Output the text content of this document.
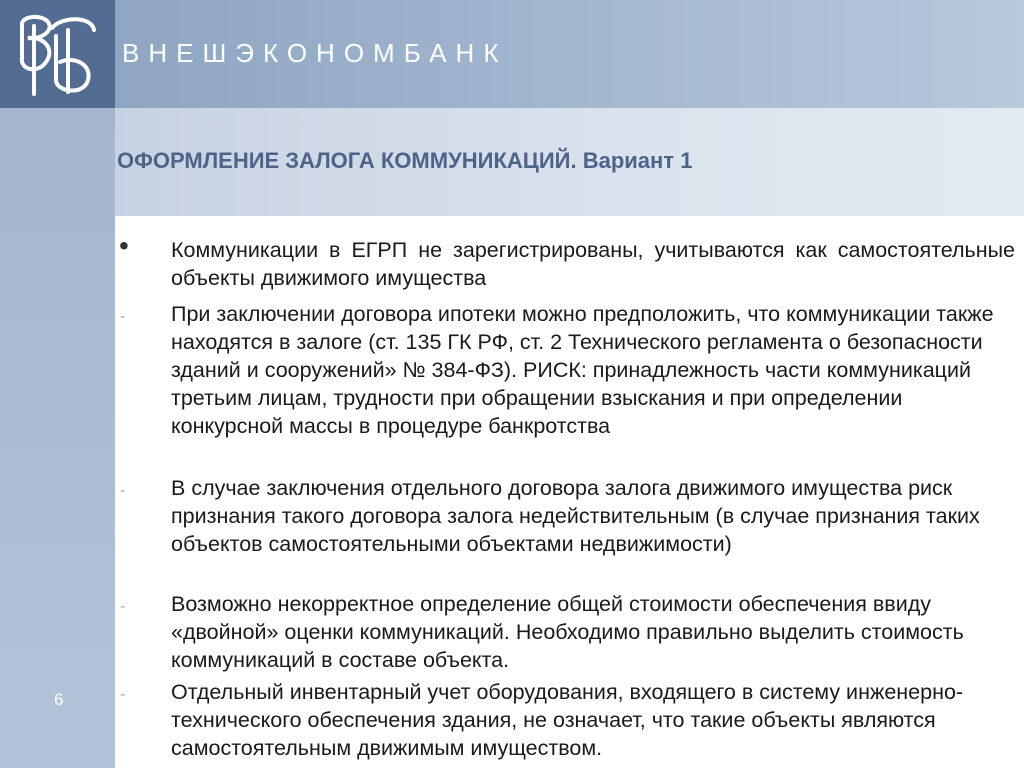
ВНЕШЭКОНОМБАНК
ОФОРМЛЕНИЕ ЗАЛОГА КОММУНИКАЦИЙ. Вариант 1
6
• Коммуникации в ЕГРП не зарегистрированы, учитываются как самостоятельные объекты движимого имущества
- При заключении договора ипотеки можно предположить, что коммуникации также находятся в залоге (ст. 135 ГК РФ, ст. 2 Технического регламента о безопасности зданий и сооружений» № 384-ФЗ). РИСК: принадлежность части коммуникаций третьим лицам, трудности при обращении взыскания и при определении конкурсной массы в процедуре банкротства
- В случае заключения отдельного договора залога движимого имущества риск признания такого договора залога недействительным (в случае признания таких объектов самостоятельными объектами недвижимости)
- Возможно некорректное определение общей стоимости обеспечения ввиду «двойной» оценки коммуникаций. Необходимо правильно выделить стоимость коммуникаций в составе объекта.
- Отдельный инвентарный учет оборудования, входящего в систему инженерно-технического обеспечения здания, не означает, что такие объекты являются самостоятельным движимым имуществом.
